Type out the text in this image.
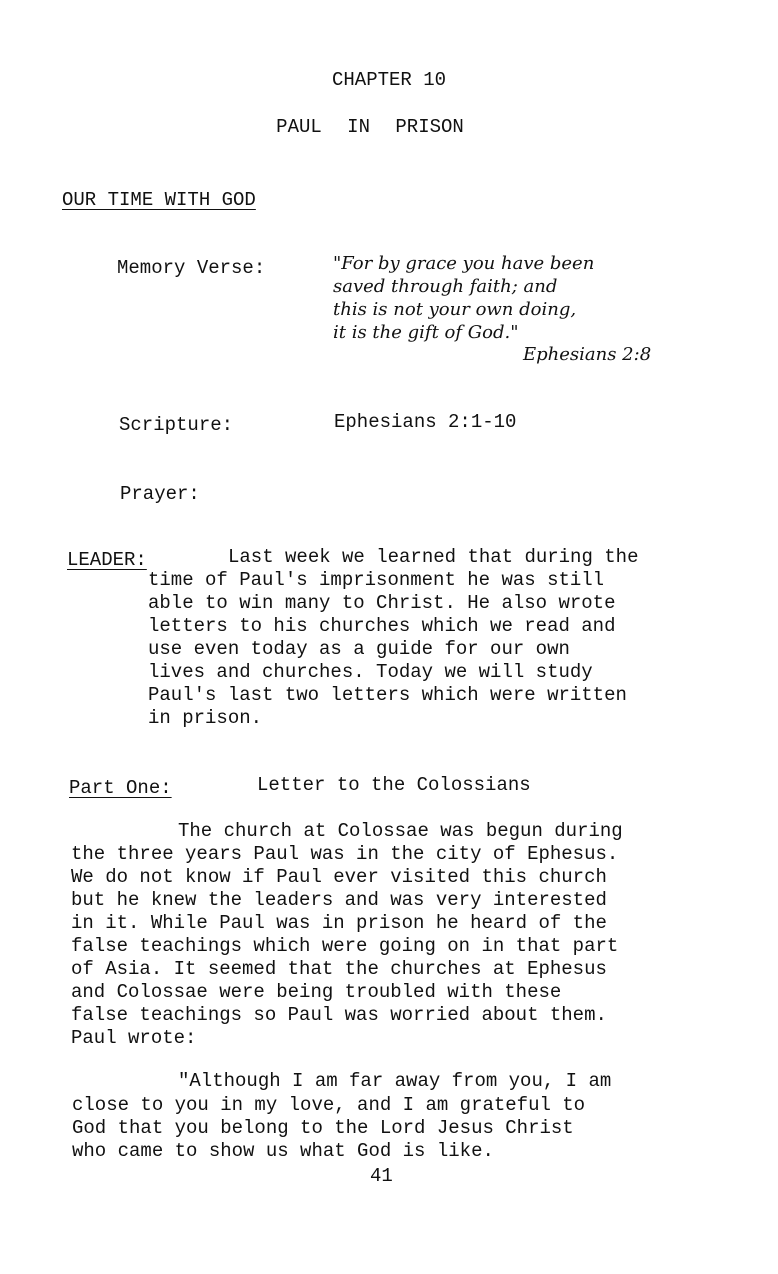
CHAPTER 10
PAUL IN PRISON
OUR TIME WITH GOD
Memory Verse:	"For by grace you have been
saved through faith; and
this is not your own doing,
it is the gift of God."
Ephesians 2:8
Scripture:	Ephesians 2:1-10
Prayer:
LEADER:	Last week we learned that during the
time of Paul's imprisonment he was still
able to win many to Christ. He also wrote
letters to his churches which we read and
use even today as a guide for our own
lives and churches. Today we will study
Paul's last two letters which were written
in prison.
Part One:	Letter to the Colossians
The church at Colossae was begun during
the three years Paul was in the city of Ephesus.
We do not know if Paul ever visited this church
but he knew the leaders and was very interested
in it. While Paul was in prison he heard of the
false teachings which were going on in that part
of Asia. It seemed that the churches at Ephesus
and Colossae were being troubled with these
false teachings so Paul was worried about them.
Paul wrote:
"Although I am far away from you, I am
close to you in my love, and I am grateful to
God that you belong to the Lord Jesus Christ
who came to show us what God is like.
41
